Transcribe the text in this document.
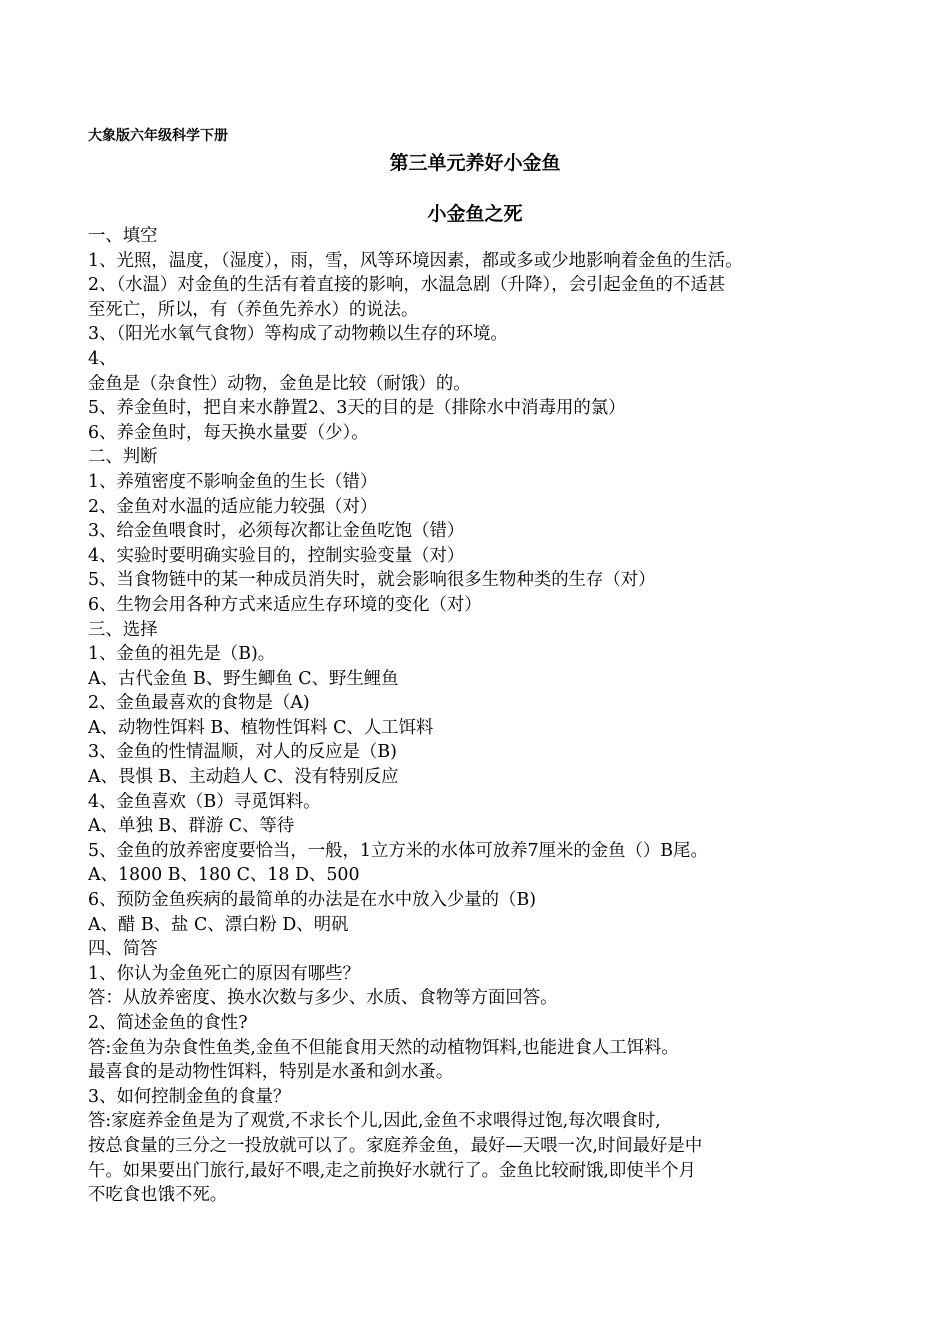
大象版六年级科学下册
第三单元养好小金鱼
小金鱼之死
一、填空
1、光照，温度，（湿度），雨，雪，风等环境因素，都或多或少地影响着金鱼的生活。
2、（水温）对金鱼的生活有着直接的影响，水温急剧（升降），会引起金鱼的不适甚
至死亡，所以，有（养鱼先养水）的说法。
3、（阳光水氧气食物）等构成了动物赖以生存的环境。
4、
金鱼是（杂食性）动物，金鱼是比较（耐饿）的。
5、养金鱼时，把自来水静置2、3天的目的是（排除水中消毒用的氯）
6、养金鱼时，每天换水量要（少）。
二、判断
1、养殖密度不影响金鱼的生长（错）
2、金鱼对水温的适应能力较强（对）
3、给金鱼喂食时，必须每次都让金鱼吃饱（错）
4、实验时要明确实验目的，控制实验变量（对）
5、当食物链中的某一种成员消失时，就会影响很多生物种类的生存（对）
6、生物会用各种方式来适应生存环境的变化（对）
三、选择
1、金鱼的祖先是（B)。
A、古代金鱼 B、野生鲫鱼 C、野生鲤鱼
2、金鱼最喜欢的食物是（A)
A、动物性饵料 B、植物性饵料 C、人工饵料
3、金鱼的性情温顺，对人的反应是（B)
A、畏惧 B、主动趋人 C、没有特别反应
4、金鱼喜欢（B）寻觅饵料。
A、单独 B、群游 C、等待
5、金鱼的放养密度要恰当，一般，1立方米的水体可放养7厘米的金鱼（）B尾。
A、1800 B、180 C、18 D、500
6、预防金鱼疾病的最简单的办法是在水中放入少量的（B)
A、醋 B、盐 C、漂白粉 D、明矾
四、简答
1、你认为金鱼死亡的原因有哪些？
答：从放养密度、换水次数与多少、水质、食物等方面回答。
2、简述金鱼的食性?
答:金鱼为杂食性鱼类,金鱼不但能食用天然的动植物饵料,也能进食人工饵料。
最喜食的是动物性饵料，特别是水蚤和剑水蚤。
3、如何控制金鱼的食量？
答:家庭养金鱼是为了观赏,不求长个儿,因此,金鱼不求喂得过饱,每次喂食时,
按总食量的三分之一投放就可以了。家庭养金鱼，最好—天喂一次,时间最好是中
午。如果要出门旅行,最好不喂,走之前换好水就行了。金鱼比较耐饿,即使半个月
不吃食也饿不死。
